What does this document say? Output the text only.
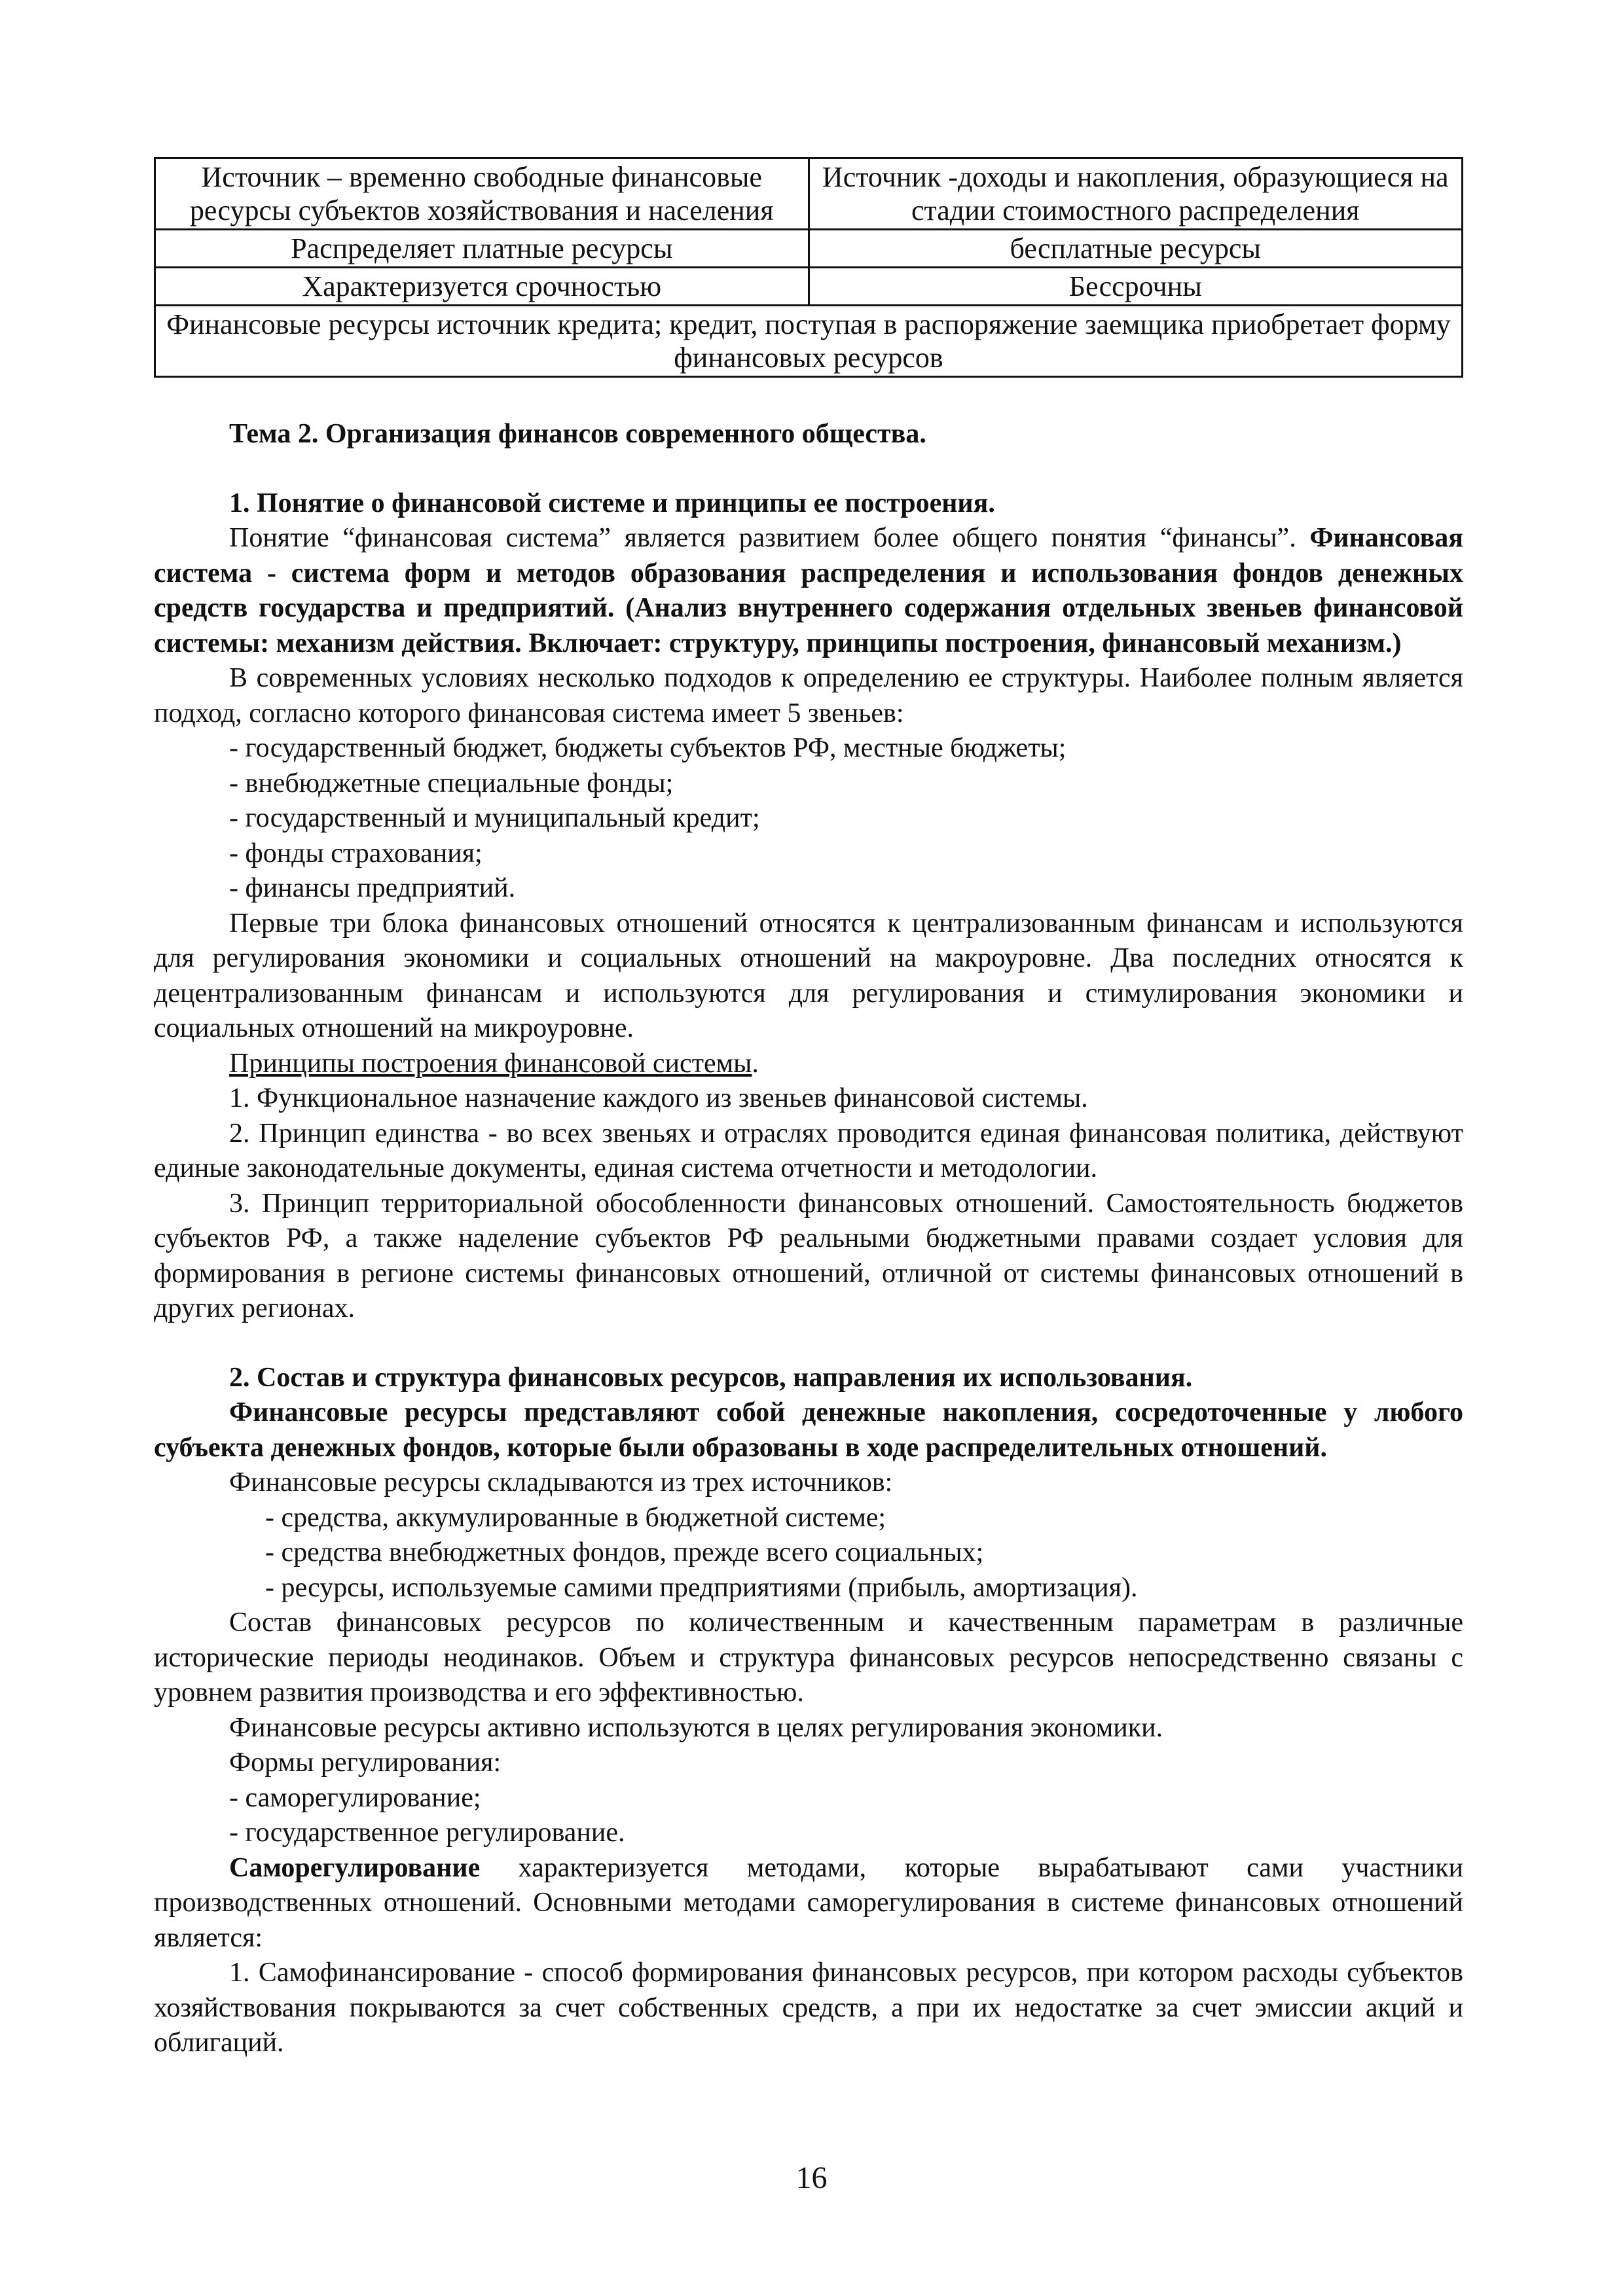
Источник – временно свободные финансовые ресурсы субъектов хозяйствования и населения	Источник -доходы и накопления, образующиеся на стадии стоимостного распределения
Распределяет платные ресурсы	бесплатные ресурсы
Характеризуется срочностью	Бессрочны
Финансовые ресурсы источник кредита; кредит, поступая в распоряжение заемщика приобретает форму финансовых ресурсов	

Тема 2. Организация финансов современного общества.

1. Понятие о финансовой системе и принципы ее построения.

Понятие “финансовая система” является развитием более общего понятия “финансы”. Финансовая система - система форм и методов образования распределения и использования фондов денежных средств государства и предприятий. (Анализ внутреннего содержания отдельных звеньев финансовой системы: механизм действия. Включает: структуру, принципы построения, финансовый механизм.)

В современных условиях несколько подходов к определению ее структуры. Наиболее полным является подход, согласно которого финансовая система имеет 5 звеньев:

- государственный бюджет, бюджеты субъектов РФ, местные бюджеты;
- внебюджетные специальные фонды;
- государственный и муниципальный кредит;
- фонды страхования;
- финансы предприятий.

Первые три блока финансовых отношений относятся к централизованным финансам и используются для регулирования экономики и социальных отношений на макроуровне. Два последних относятся к децентрализованным финансам и используются для регулирования и стимулирования экономики и социальных отношений на микроуровне.

Принципы построения финансовой системы.

1. Функциональное назначение каждого из звеньев финансовой системы.

2. Принцип единства - во всех звеньях и отраслях проводится единая финансовая политика, действуют единые законодательные документы, единая система отчетности и методологии.

3. Принцип территориальной обособленности финансовых отношений. Самостоятельность бюджетов субъектов РФ, а также наделение субъектов РФ реальными бюджетными правами создает условия для формирования в регионе системы финансовых отношений, отличной от системы финансовых отношений в других регионах.

2. Состав и структура финансовых ресурсов, направления их использования.

Финансовые ресурсы представляют собой денежные накопления, сосредоточенные у любого субъекта денежных фондов, которые были образованы в ходе распределительных отношений.

Финансовые ресурсы складываются из трех источников:

- средства, аккумулированные в бюджетной системе;
- средства внебюджетных фондов, прежде всего социальных;
- ресурсы, используемые самими предприятиями (прибыль, амортизация).

Состав финансовых ресурсов по количественным и качественным параметрам в различные исторические периоды неодинаков. Объем и структура финансовых ресурсов непосредственно связаны с уровнем развития производства и его эффективностью.

Финансовые ресурсы активно используются в целях регулирования экономики.

Формы регулирования:
- саморегулирование;
- государственное регулирование.

Саморегулирование характеризуется методами, которые вырабатывают сами участники производственных отношений. Основными методами саморегулирования в системе финансовых отношений является:

1. Самофинансирование - способ формирования финансовых ресурсов, при котором расходы субъектов хозяйствования покрываются за счет собственных средств, а при их недостатке за счет эмиссии акций и облигаций.

16
